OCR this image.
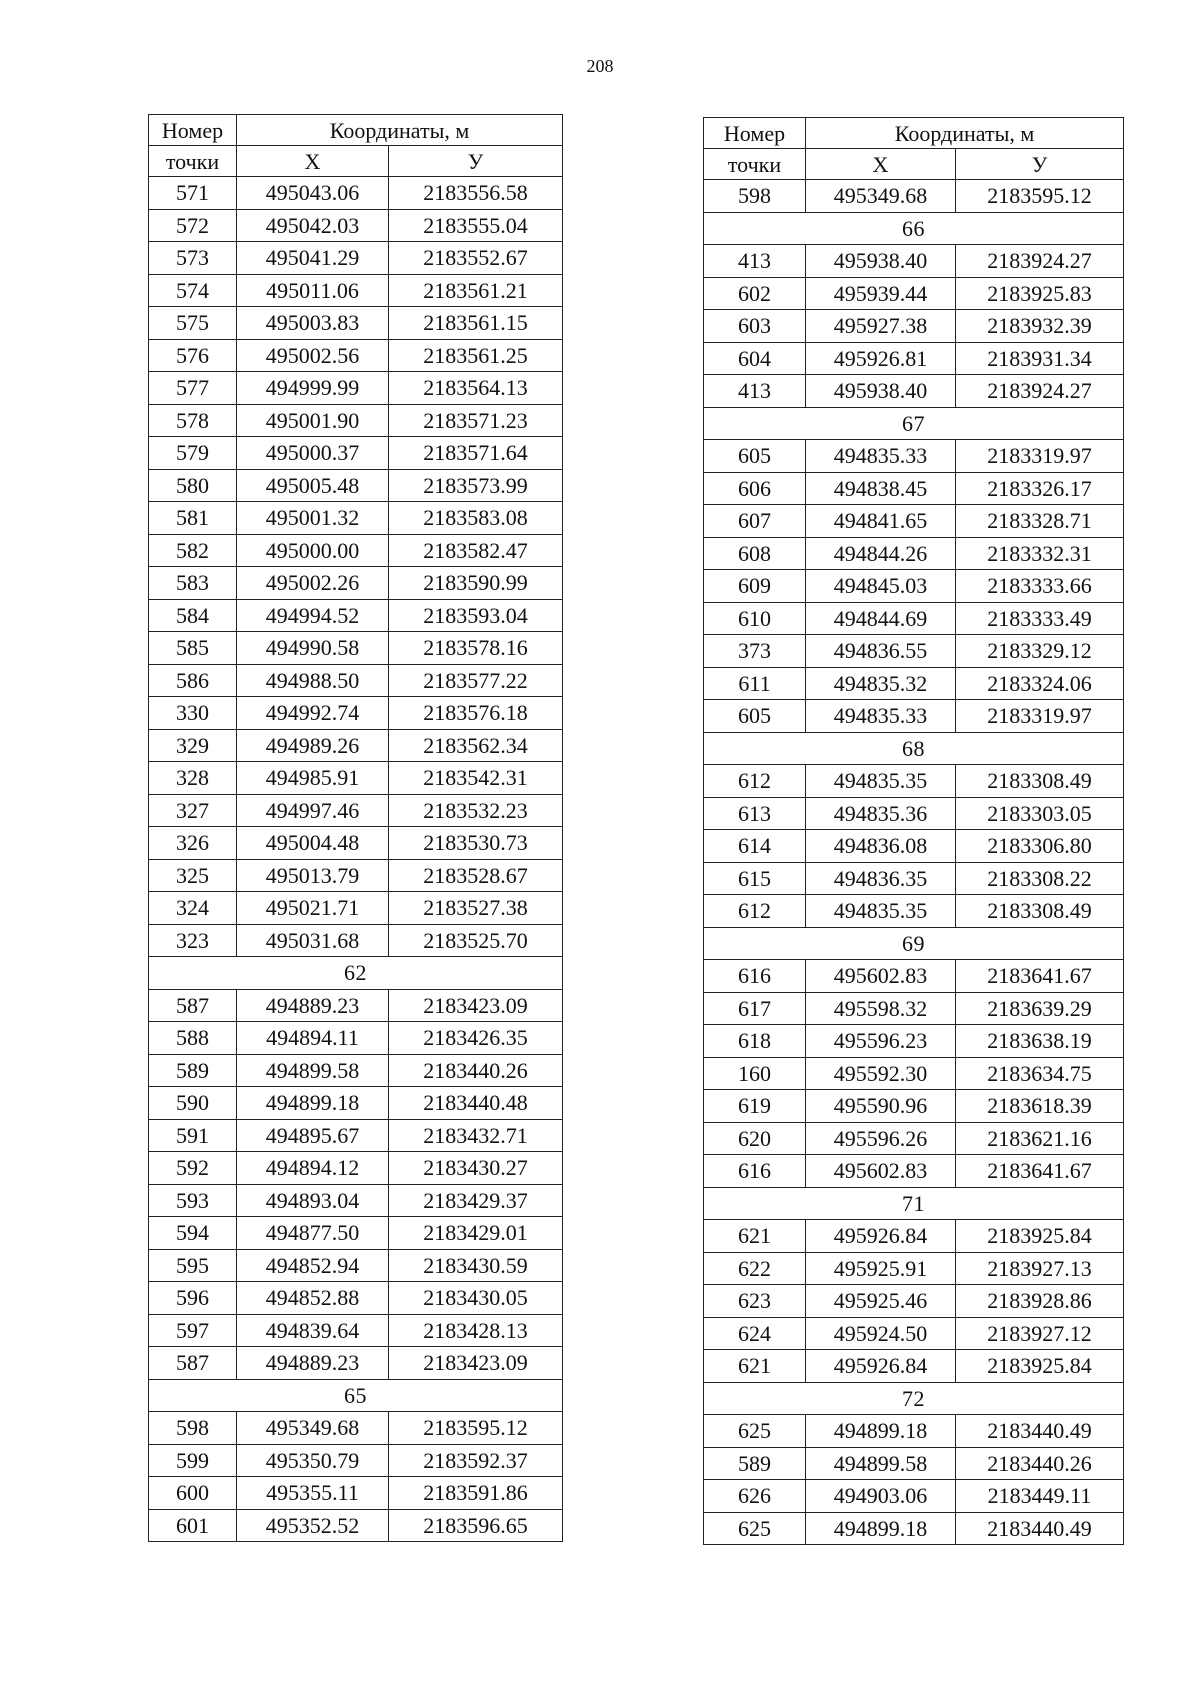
208
Номер	Координаты, м	
точки	X	У
571	495043.06	2183556.58
572	495042.03	2183555.04
573	495041.29	2183552.67
574	495011.06	2183561.21
575	495003.83	2183561.15
576	495002.56	2183561.25
577	494999.99	2183564.13
578	495001.90	2183571.23
579	495000.37	2183571.64
580	495005.48	2183573.99
581	495001.32	2183583.08
582	495000.00	2183582.47
583	495002.26	2183590.99
584	494994.52	2183593.04
585	494990.58	2183578.16
586	494988.50	2183577.22
330	494992.74	2183576.18
329	494989.26	2183562.34
328	494985.91	2183542.31
327	494997.46	2183532.23
326	495004.48	2183530.73
325	495013.79	2183528.67
324	495021.71	2183527.38
323	495031.68	2183525.70
62		
587	494889.23	2183423.09
588	494894.11	2183426.35
589	494899.58	2183440.26
590	494899.18	2183440.48
591	494895.67	2183432.71
592	494894.12	2183430.27
593	494893.04	2183429.37
594	494877.50	2183429.01
595	494852.94	2183430.59
596	494852.88	2183430.05
597	494839.64	2183428.13
587	494889.23	2183423.09
65		
598	495349.68	2183595.12
599	495350.79	2183592.37
600	495355.11	2183591.86
601	495352.52	2183596.65
Номер	Координаты, м	
точки	X	У
598	495349.68	2183595.12
66		
413	495938.40	2183924.27
602	495939.44	2183925.83
603	495927.38	2183932.39
604	495926.81	2183931.34
413	495938.40	2183924.27
67		
605	494835.33	2183319.97
606	494838.45	2183326.17
607	494841.65	2183328.71
608	494844.26	2183332.31
609	494845.03	2183333.66
610	494844.69	2183333.49
373	494836.55	2183329.12
611	494835.32	2183324.06
605	494835.33	2183319.97
68		
612	494835.35	2183308.49
613	494835.36	2183303.05
614	494836.08	2183306.80
615	494836.35	2183308.22
612	494835.35	2183308.49
69		
616	495602.83	2183641.67
617	495598.32	2183639.29
618	495596.23	2183638.19
160	495592.30	2183634.75
619	495590.96	2183618.39
620	495596.26	2183621.16
616	495602.83	2183641.67
71		
621	495926.84	2183925.84
622	495925.91	2183927.13
623	495925.46	2183928.86
624	495924.50	2183927.12
621	495926.84	2183925.84
72		
625	494899.18	2183440.49
589	494899.58	2183440.26
626	494903.06	2183449.11
625	494899.18	2183440.49
